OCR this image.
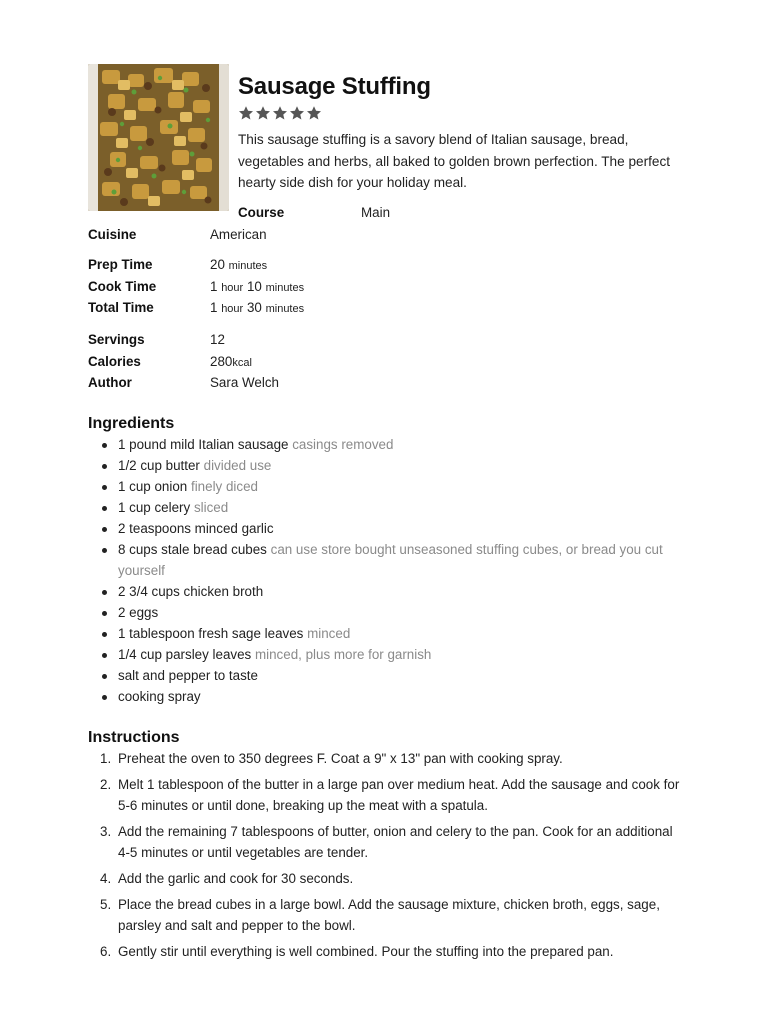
Sausage Stuffing

This sausage stuffing is a savory blend of Italian sausage, bread, vegetables and herbs, all baked to golden brown perfection. The perfect hearty side dish for your holiday meal.

Course	Main
Cuisine	American
Prep Time	20 minutes
Cook Time	1 hour 10 minutes
Total Time	1 hour 30 minutes
Servings	12
Calories	280kcal
Author	Sara Welch
Ingredients
1 pound mild Italian sausage casings removed
1/2 cup butter divided use
1 cup onion finely diced
1 cup celery sliced
2 teaspoons minced garlic
8 cups stale bread cubes can use store bought unseasoned stuffing cubes, or bread you cut yourself
2 3/4 cups chicken broth
2 eggs
1 tablespoon fresh sage leaves minced
1/4 cup parsley leaves minced, plus more for garnish
salt and pepper to taste
cooking spray
Instructions
1. Preheat the oven to 350 degrees F. Coat a 9" x 13" pan with cooking spray.
2. Melt 1 tablespoon of the butter in a large pan over medium heat. Add the sausage and cook for 5-6 minutes or until done, breaking up the meat with a spatula.
3. Add the remaining 7 tablespoons of butter, onion and celery to the pan. Cook for an additional 4-5 minutes or until vegetables are tender.
4. Add the garlic and cook for 30 seconds.
5. Place the bread cubes in a large bowl. Add the sausage mixture, chicken broth, eggs, sage, parsley and salt and pepper to the bowl.
6. Gently stir until everything is well combined. Pour the stuffing into the prepared pan.
